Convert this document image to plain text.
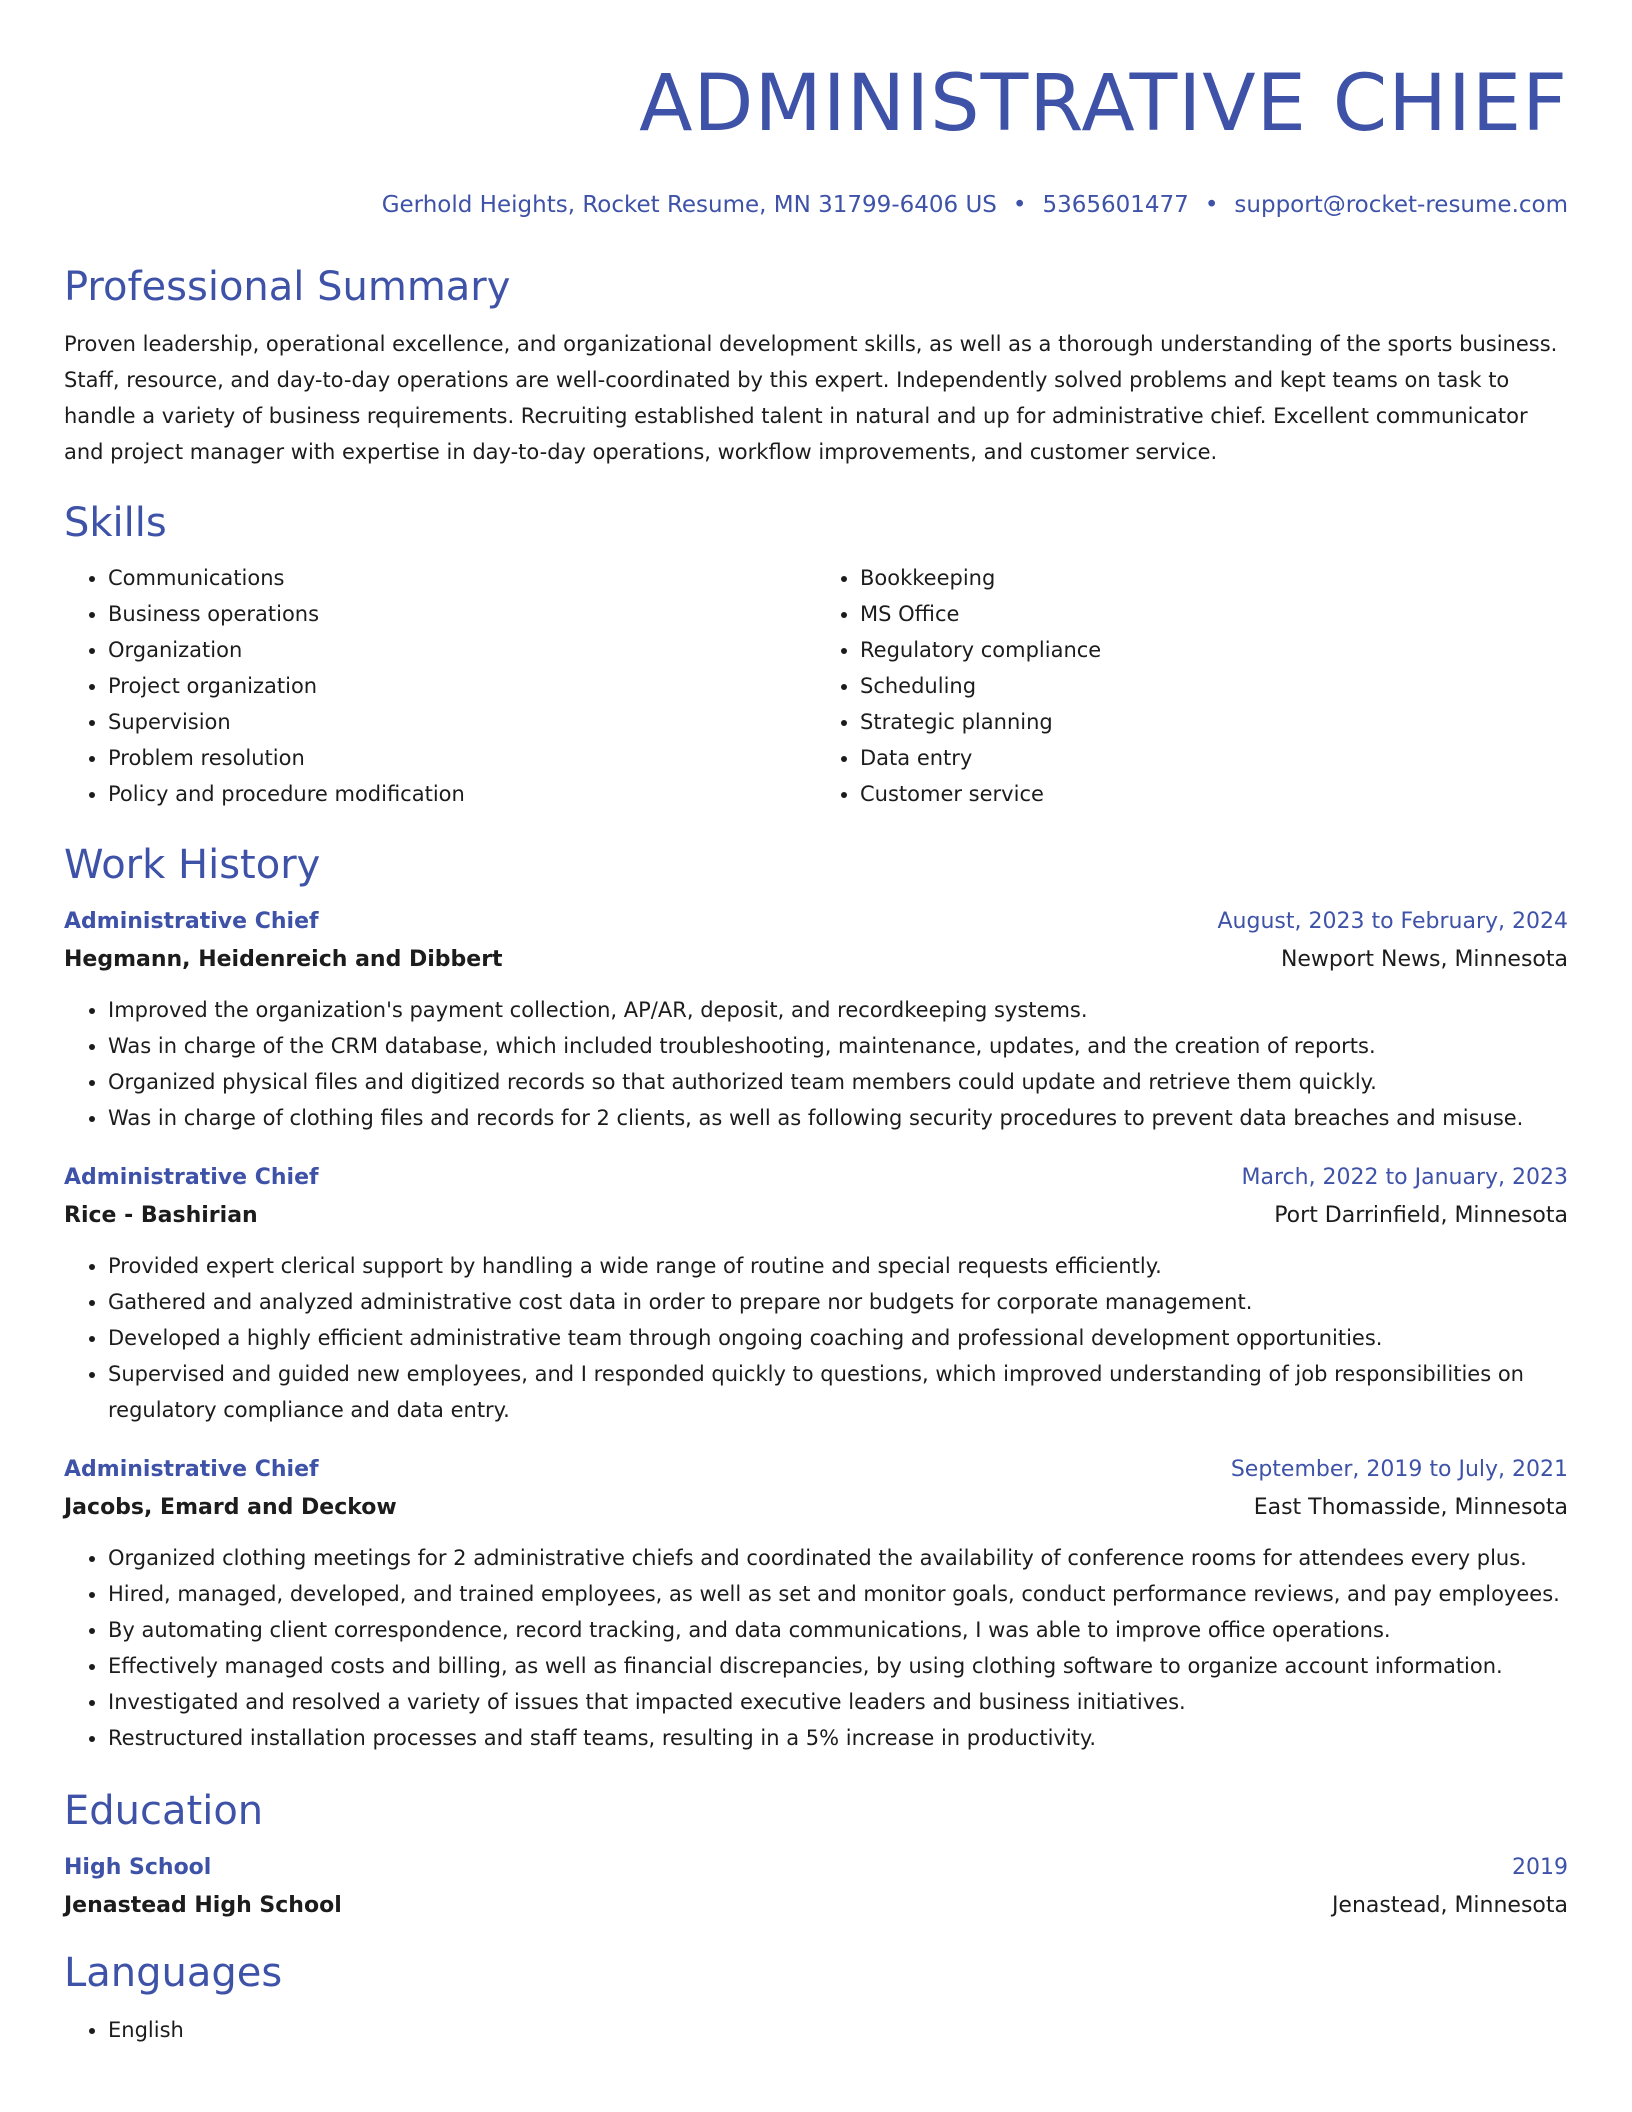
ADMINISTRATIVE CHIEF
Gerhold Heights, Rocket Resume, MN 31799-6406 US • 5365601477 • support@rocket-resume.com
Professional Summary
Proven leadership, operational excellence, and organizational development skills, as well as a thorough understanding of the sports business. Staff, resource, and day-to-day operations are well-coordinated by this expert. Independently solved problems and kept teams on task to handle a variety of business requirements. Recruiting established talent in natural and up for administrative chief. Excellent communicator and project manager with expertise in day-to-day operations, workflow improvements, and customer service.
Skills
• Communications
• Business operations
• Organization
• Project organization
• Supervision
• Problem resolution
• Policy and procedure modification
• Bookkeeping
• MS Office
• Regulatory compliance
• Scheduling
• Strategic planning
• Data entry
• Customer service
Work History
Administrative Chief	August, 2023 to February, 2024
Hegmann, Heidenreich and Dibbert	Newport News, Minnesota
• Improved the organization's payment collection, AP/AR, deposit, and recordkeeping systems.
• Was in charge of the CRM database, which included troubleshooting, maintenance, updates, and the creation of reports.
• Organized physical files and digitized records so that authorized team members could update and retrieve them quickly.
• Was in charge of clothing files and records for 2 clients, as well as following security procedures to prevent data breaches and misuse.
Administrative Chief	March, 2022 to January, 2023
Rice - Bashirian	Port Darrinfield, Minnesota
• Provided expert clerical support by handling a wide range of routine and special requests efficiently.
• Gathered and analyzed administrative cost data in order to prepare nor budgets for corporate management.
• Developed a highly efficient administrative team through ongoing coaching and professional development opportunities.
• Supervised and guided new employees, and I responded quickly to questions, which improved understanding of job responsibilities on regulatory compliance and data entry.
Administrative Chief	September, 2019 to July, 2021
Jacobs, Emard and Deckow	East Thomasside, Minnesota
• Organized clothing meetings for 2 administrative chiefs and coordinated the availability of conference rooms for attendees every plus.
• Hired, managed, developed, and trained employees, as well as set and monitor goals, conduct performance reviews, and pay employees.
• By automating client correspondence, record tracking, and data communications, I was able to improve office operations.
• Effectively managed costs and billing, as well as financial discrepancies, by using clothing software to organize account information.
• Investigated and resolved a variety of issues that impacted executive leaders and business initiatives.
• Restructured installation processes and staff teams, resulting in a 5% increase in productivity.
Education
High School	2019
Jenastead High School	Jenastead, Minnesota
Languages
• English
